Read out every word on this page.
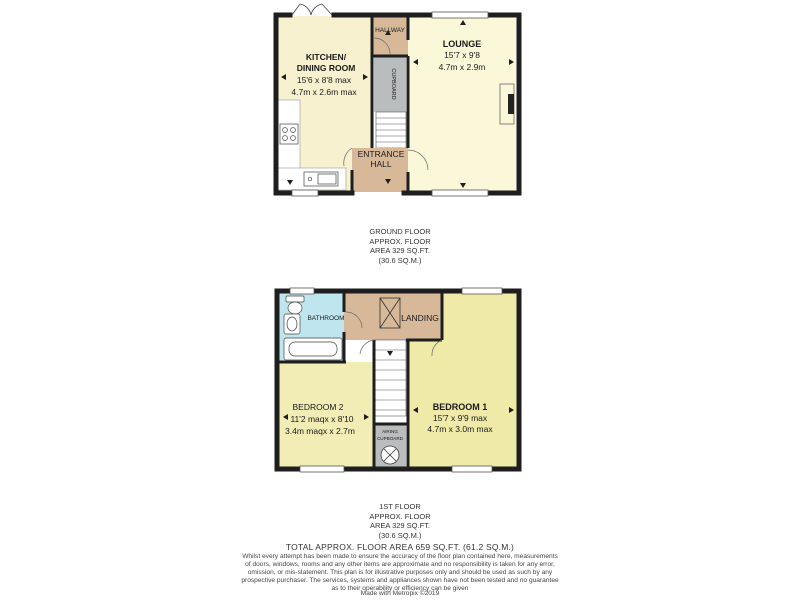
KITCHEN/
DINING ROOM
15'6 x 8'8 max
4.7m x 2.6m max
HALLWAY
CUPBOARD
ENTRANCE
HALL
LOUNGE
15'7 x 9'8
4.7m x 2.9m
BATHROOM	LANDING
BEDROOM 2
11'2 maqx x 8'10
3.4m maqx x 2.7m	AIRING
CUPBOARD
BEDROOM 1
15'7 x 9'9 max
4.7m x 3.0m max
GROUND FLOOR
APPROX. FLOOR
AREA 329 SQ.FT.
(30.6 SQ.M.)
1ST FLOOR
APPROX. FLOOR
AREA 329 SQ.FT.
(30.6 SQ.M.)
TOTAL APPROX. FLOOR AREA 659 SQ.FT. (61.2 SQ.M.)
Whilst every attempt has been made to ensure the accuracy of the floor plan contained here, measurements
of doors, windows, rooms and any other items are approximate and no responsibility is taken for any error,
omission, or mis-statement. This plan is for illustrative purposes only and should be used as such by any
prospective purchaser. The services, systems and appliances shown have not been tested and no guarantee
as to their operability or efficiency can be given
Made with Metropix ©2019
